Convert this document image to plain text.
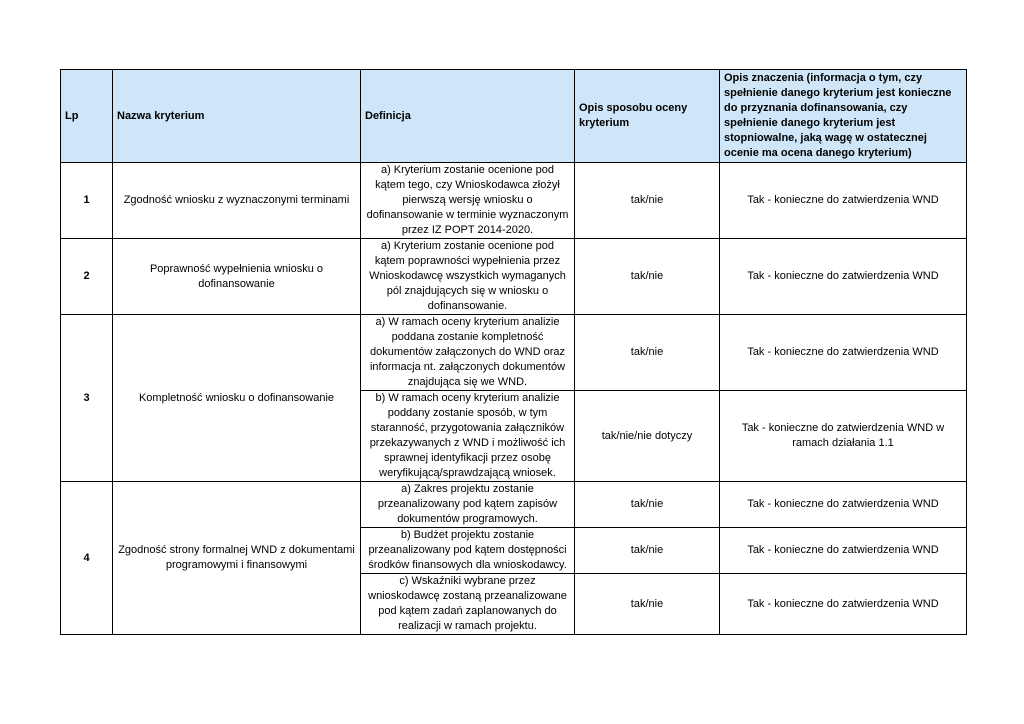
Lp	Nazwa kryterium	Definicja	Opis sposobu oceny kryterium	Opis znaczenia (informacja o tym, czy spełnienie danego kryterium jest konieczne do przyznania dofinansowania, czy spełnienie danego kryterium jest stopniowalne, jaką wagę w ostatecznej ocenie ma ocena danego kryterium)
1	Zgodność wniosku z wyznaczonymi terminami	a) Kryterium zostanie ocenione pod kątem tego, czy Wnioskodawca złożył pierwszą wersję wniosku o dofinansowanie w terminie wyznaczonym przez IZ POPT 2014-2020.	tak/nie	Tak - konieczne do zatwierdzenia WND
2	Poprawność wypełnienia wniosku o dofinansowanie	a) Kryterium zostanie ocenione pod kątem poprawności wypełnienia przez Wnioskodawcę wszystkich wymaganych pól znajdujących się w wniosku o dofinansowanie.	tak/nie	Tak - konieczne do zatwierdzenia WND
3	Kompletność wniosku o dofinansowanie	a) W ramach oceny kryterium analizie poddana zostanie kompletność dokumentów załączonych do WND oraz informacja nt. załączonych dokumentów znajdująca się we WND.	tak/nie	Tak - konieczne do zatwierdzenia WND
		b) W ramach oceny kryterium analizie poddany zostanie sposób, w tym staranność, przygotowania załączników przekazywanych z WND i możliwość ich sprawnej identyfikacji przez osobę weryfikującą/sprawdzającą wniosek.	tak/nie/nie dotyczy	Tak - konieczne do zatwierdzenia WND w ramach działania 1.1
4	Zgodność strony formalnej WND z dokumentami programowymi i finansowymi	a) Zakres projektu zostanie przeanalizowany pod kątem zapisów dokumentów programowych.	tak/nie	Tak - konieczne do zatwierdzenia WND
		b) Budżet projektu zostanie przeanalizowany pod kątem dostępności środków finansowych dla wnioskodawcy.	tak/nie	Tak - konieczne do zatwierdzenia WND
		c) Wskaźniki wybrane przez wnioskodawcę zostaną przeanalizowane pod kątem zadań zaplanowanych do realizacji w ramach projektu.	tak/nie	Tak - konieczne do zatwierdzenia WND
